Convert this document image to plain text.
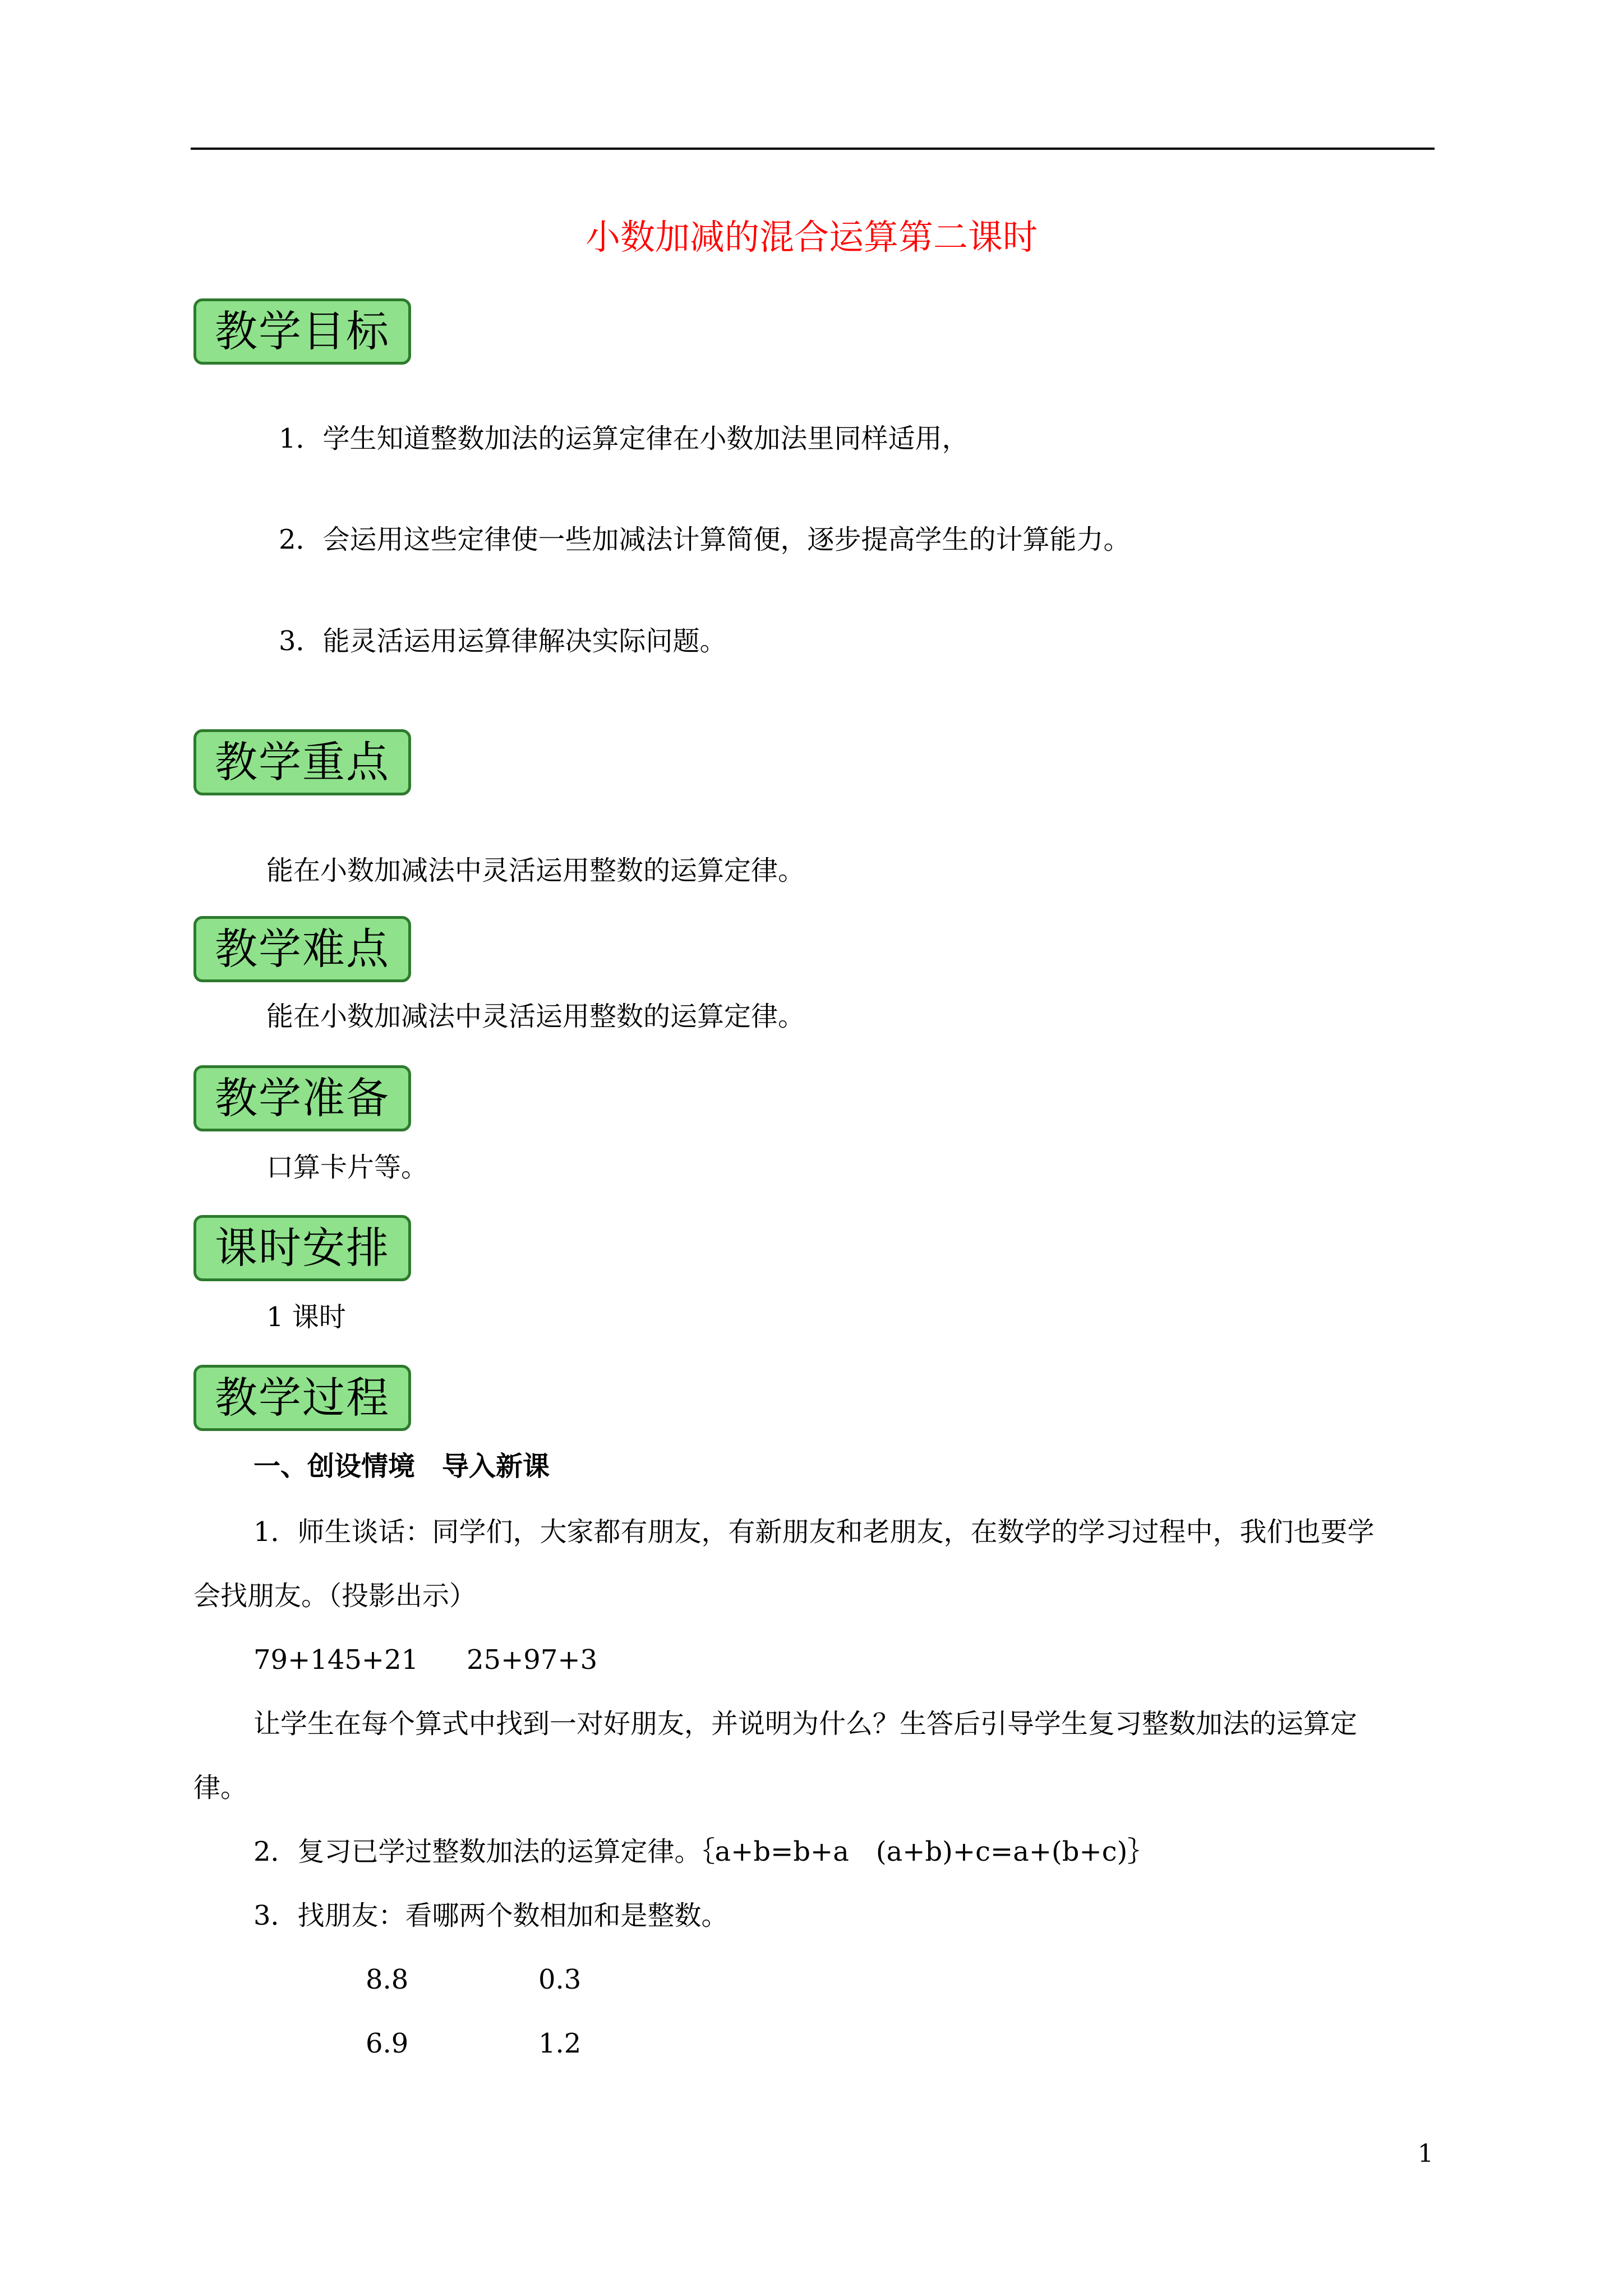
小数加减的混合运算第二课时
教学目标
1．学生知道整数加法的运算定律在小数加法里同样适用，
2．会运用这些定律使一些加减法计算简便，逐步提高学生的计算能力。
3．能灵活运用运算律解决实际问题。
教学重点
能在小数加减法中灵活运用整数的运算定律。
教学难点
能在小数加减法中灵活运用整数的运算定律。
教学准备
口算卡片等。
课时安排
1 课时
教学过程
一、创设情境　导入新课
1．师生谈话：同学们，大家都有朋友，有新朋友和老朋友，在数学的学习过程中，我们也要学
会找朋友。（投影出示）
79+145+21 25+97+3
让学生在每个算式中找到一对好朋友，并说明为什么？生答后引导学生复习整数加法的运算定
律。
2．复习已学过整数加法的运算定律。｛a+b=b+a　(a+b)+c=a+(b+c)｝
3．找朋友：看哪两个数相加和是整数。
8.8	0.3
6.9	1.2
1
